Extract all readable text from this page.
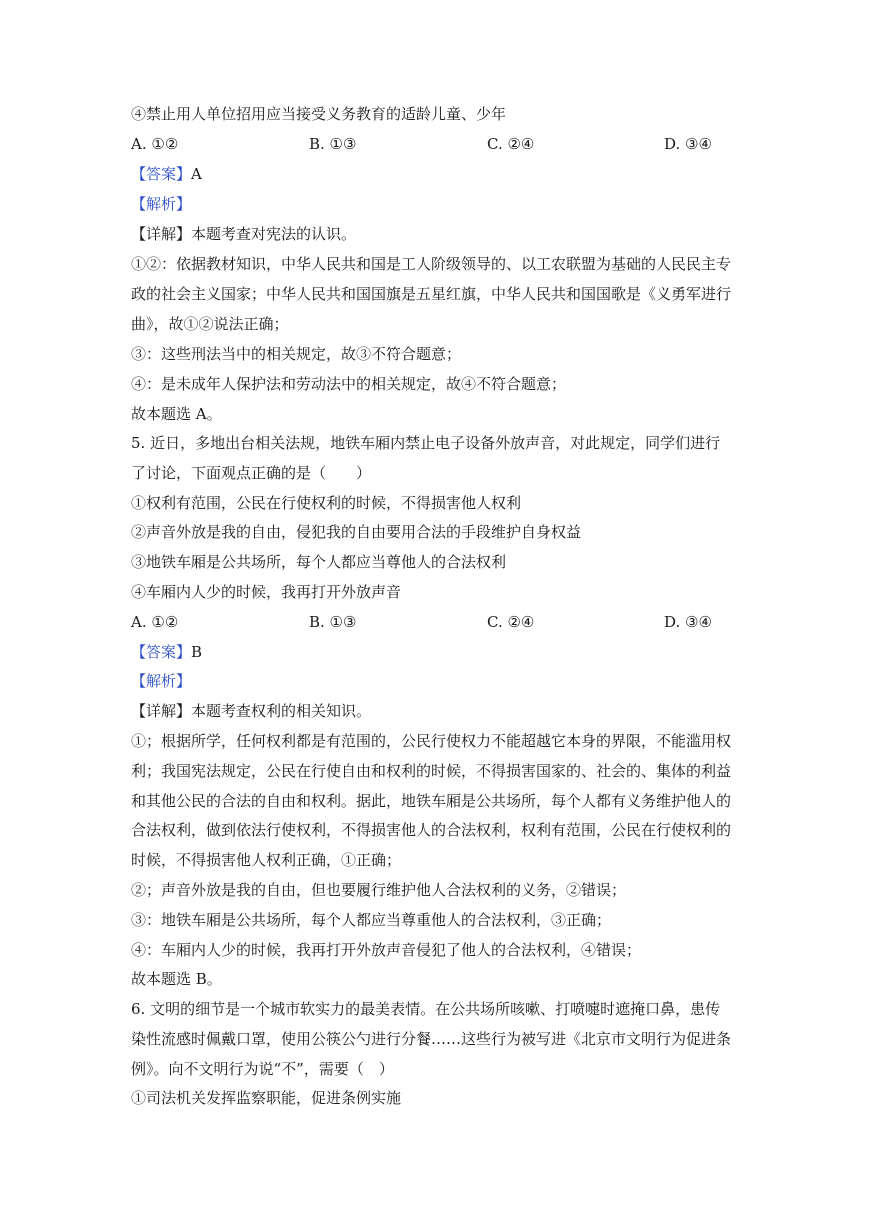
④禁止用人单位招用应当接受义务教育的适龄儿童、少年
A. ①②	B. ①③	C. ②④	D. ③④
【答案】A
【解析】
【详解】本题考查对宪法的认识。
①②：依据教材知识，中华人民共和国是工人阶级领导的、以工农联盟为基础的人民民主专
政的社会主义国家；中华人民共和国国旗是五星红旗，中华人民共和国国歌是《义勇军进行
曲》，故①②说法正确；
③：这些刑法当中的相关规定，故③不符合题意；
④：是未成年人保护法和劳动法中的相关规定，故④不符合题意；
故本题选 A。
5. 近日，多地出台相关法规，地铁车厢内禁止电子设备外放声音，对此规定，同学们进行
了讨论，下面观点正确的是（　　）
①权利有范围，公民在行使权利的时候，不得损害他人权利
②声音外放是我的自由，侵犯我的自由要用合法的手段维护自身权益
③地铁车厢是公共场所，每个人都应当尊他人的合法权利
④车厢内人少的时候，我再打开外放声音
A. ①②	B. ①③	C. ②④	D. ③④
【答案】B
【解析】
【详解】本题考查权利的相关知识。
①；根据所学，任何权利都是有范围的，公民行使权力不能超越它本身的界限，不能滥用权
利；我国宪法规定，公民在行使自由和权利的时候，不得损害国家的、社会的、集体的利益
和其他公民的合法的自由和权利。据此，地铁车厢是公共场所，每个人都有义务维护他人的
合法权利，做到依法行使权利，不得损害他人的合法权利，权利有范围，公民在行使权利的
时候，不得损害他人权利正确，①正确；
②；声音外放是我的自由，但也要履行维护他人合法权利的义务，②错误；
③：地铁车厢是公共场所，每个人都应当尊重他人的合法权利，③正确；
④：车厢内人少的时候，我再打开外放声音侵犯了他人的合法权利，④错误；
故本题选 B。
6. 文明的细节是一个城市软实力的最美表情。在公共场所咳嗽、打喷嚏时遮掩口鼻，患传
染性流感时佩戴口罩，使用公筷公勺进行分餐……这些行为被写进《北京市文明行为促进条
例》。向不文明行为说“不”，需要（　）
①司法机关发挥监察职能，促进条例实施
